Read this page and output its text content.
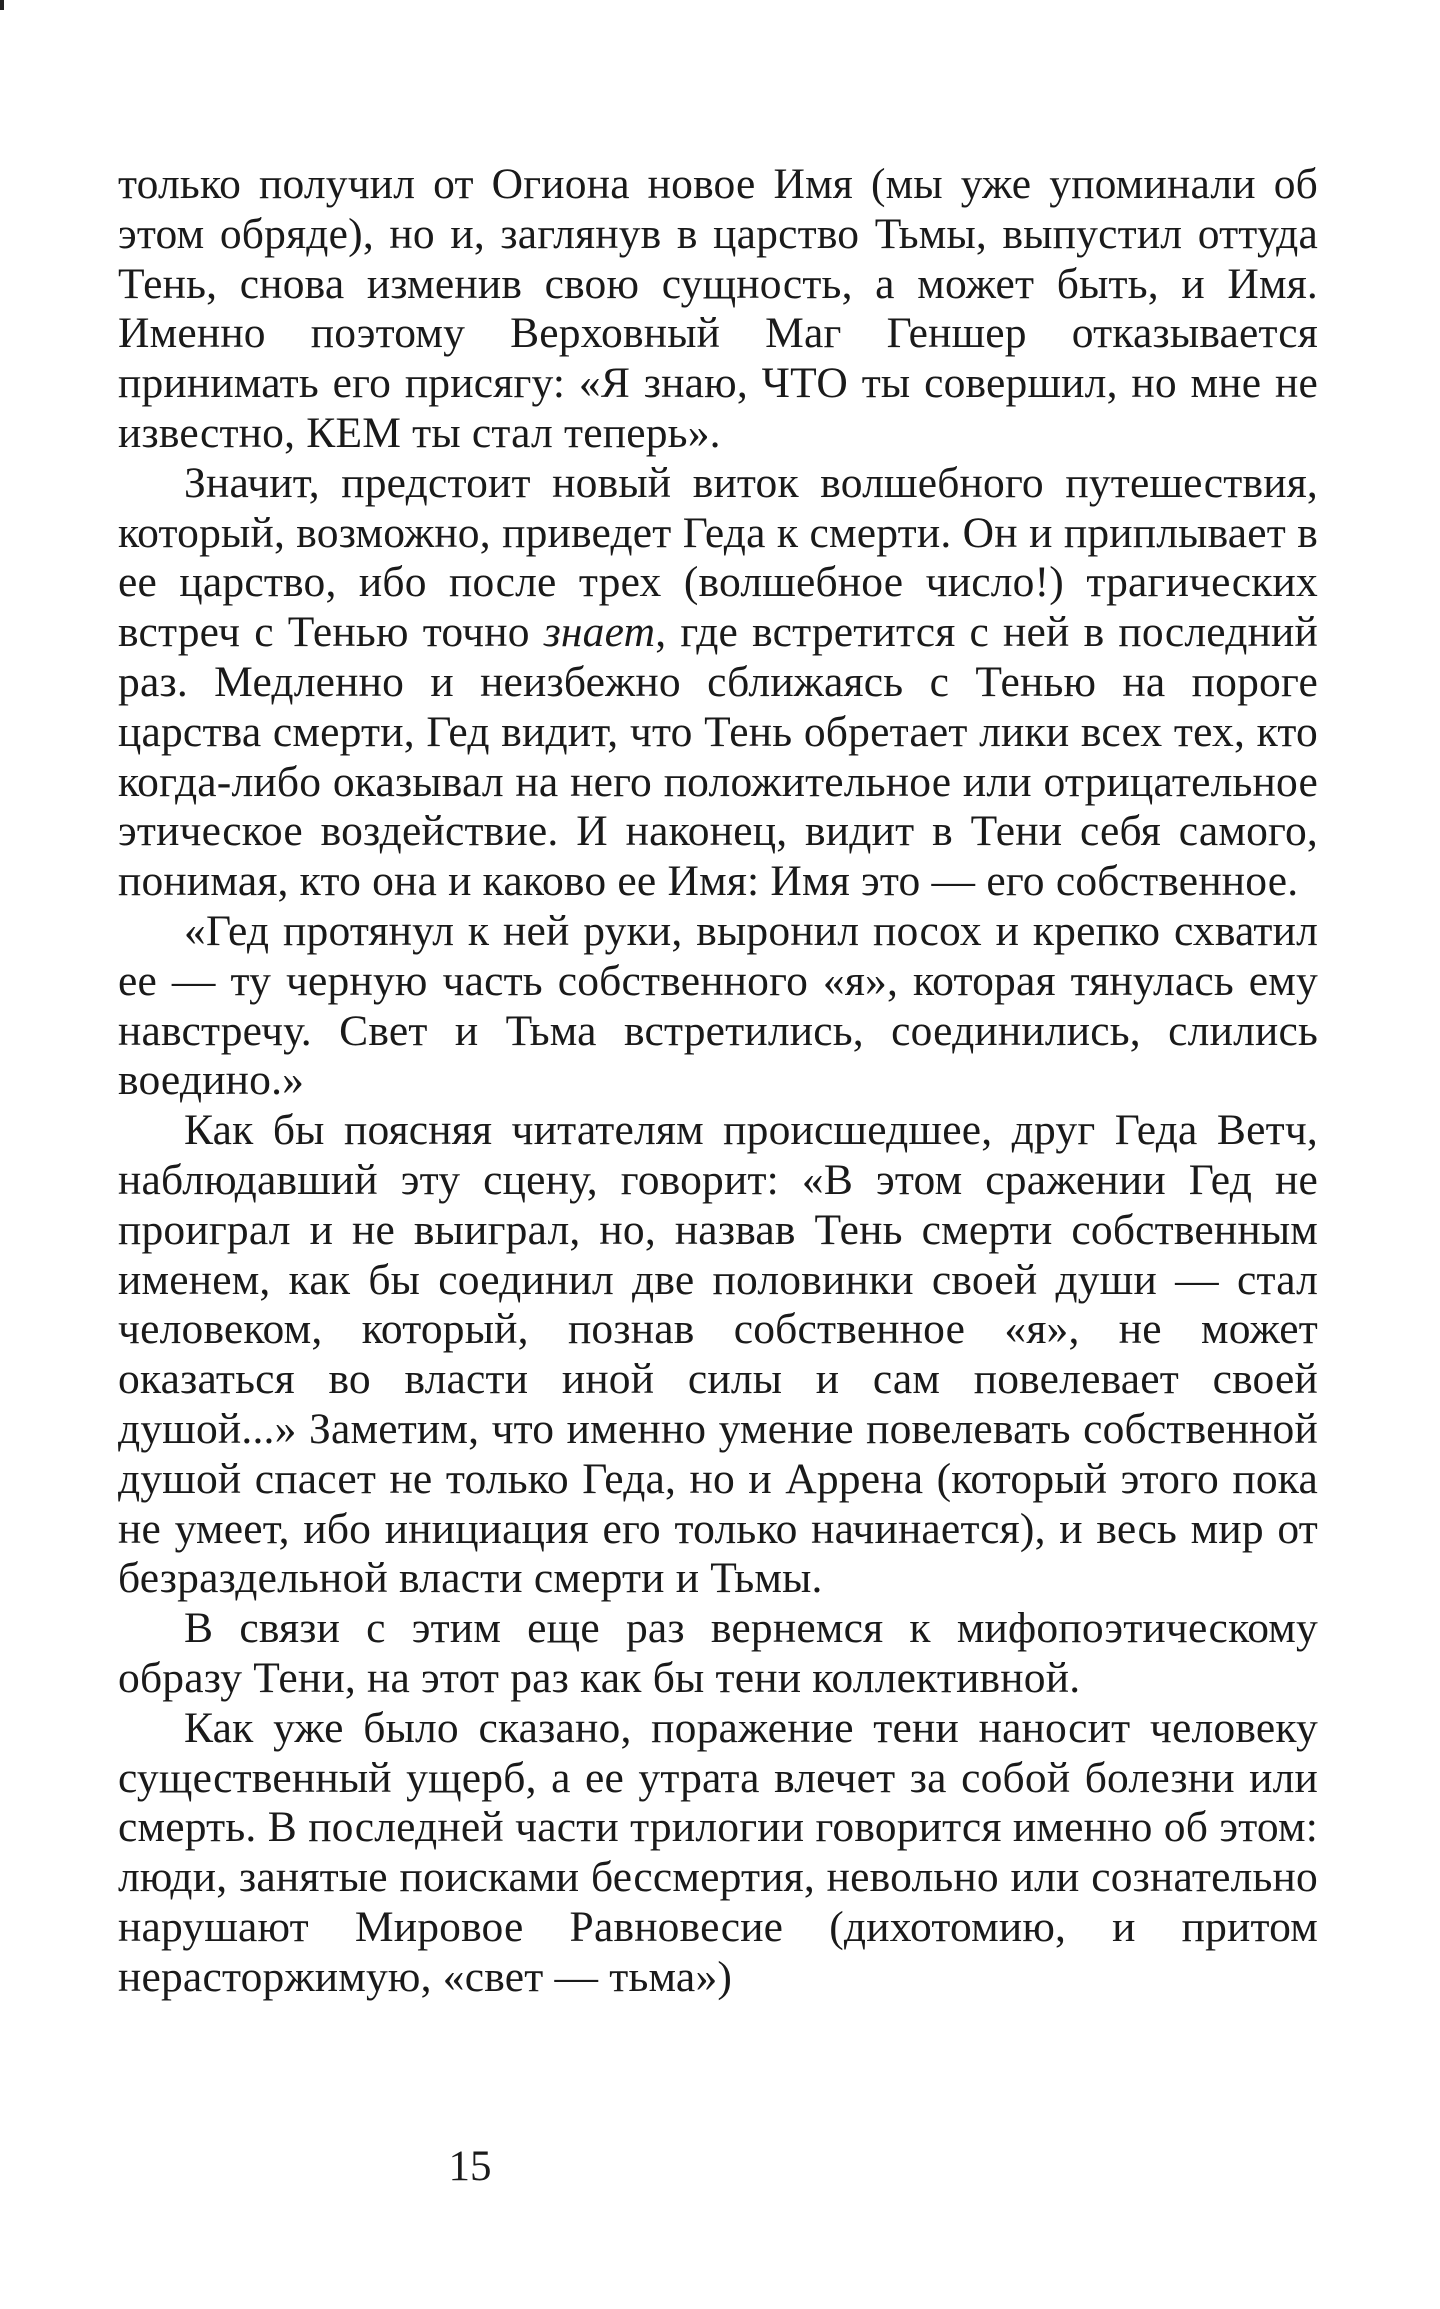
только получил от Огиона новое Имя (мы уже упоминали об этом обряде), но и, заглянув в царство Тьмы, выпустил оттуда Тень, снова изменив свою сущность, а может быть, и Имя. Именно поэтому Верховный Маг Геншер отказывается принимать его присягу: «Я знаю, ЧТО ты совершил, но мне не известно, КЕМ ты стал теперь».

Значит, предстоит новый виток волшебного путешествия, который, возможно, приведет Геда к смерти. Он и приплывает в ее царство, ибо после трех (волшебное число!) трагических встреч с Тенью точно знает, где встретится с ней в последний раз. Медленно и неизбежно сближаясь с Тенью на пороге царства смерти, Гед видит, что Тень обретает лики всех тех, кто когда-либо оказывал на него положительное или отрицательное этическое воздействие. И наконец, видит в Тени себя самого, понимая, кто она и каково ее Имя: Имя это — его собственное.

«Гед протянул к ней руки, выронил посох и крепко схватил ее — ту черную часть собственного «я», которая тянулась ему навстречу. Свет и Тьма встретились, соединились, слились воедино.»

Как бы поясняя читателям происшедшее, друг Геда Ветч, наблюдавший эту сцену, говорит: «В этом сражении Гед не проиграл и не выиграл, но, назвав Тень смерти собственным именем, как бы соединил две половинки своей души — стал человеком, который, познав собственное «я», не может оказаться во власти иной силы и сам повелевает своей душой...» Заметим, что именно умение повелевать собственной душой спасет не только Геда, но и Аррена (который этого пока не умеет, ибо инициация его только начинается), и весь мир от безраздельной власти смерти и Тьмы.

В связи с этим еще раз вернемся к мифопоэтическому образу Тени, на этот раз как бы тени коллективной.

Как уже было сказано, поражение тени наносит человеку существенный ущерб, а ее утрата влечет за собой болезни или смерть. В последней части трилогии говорится именно об этом: люди, занятые поисками бессмертия, невольно или сознательно нарушают Мировое Равновесие (дихотомию, и притом нерасторжимую, «свет — тьма»)

15
